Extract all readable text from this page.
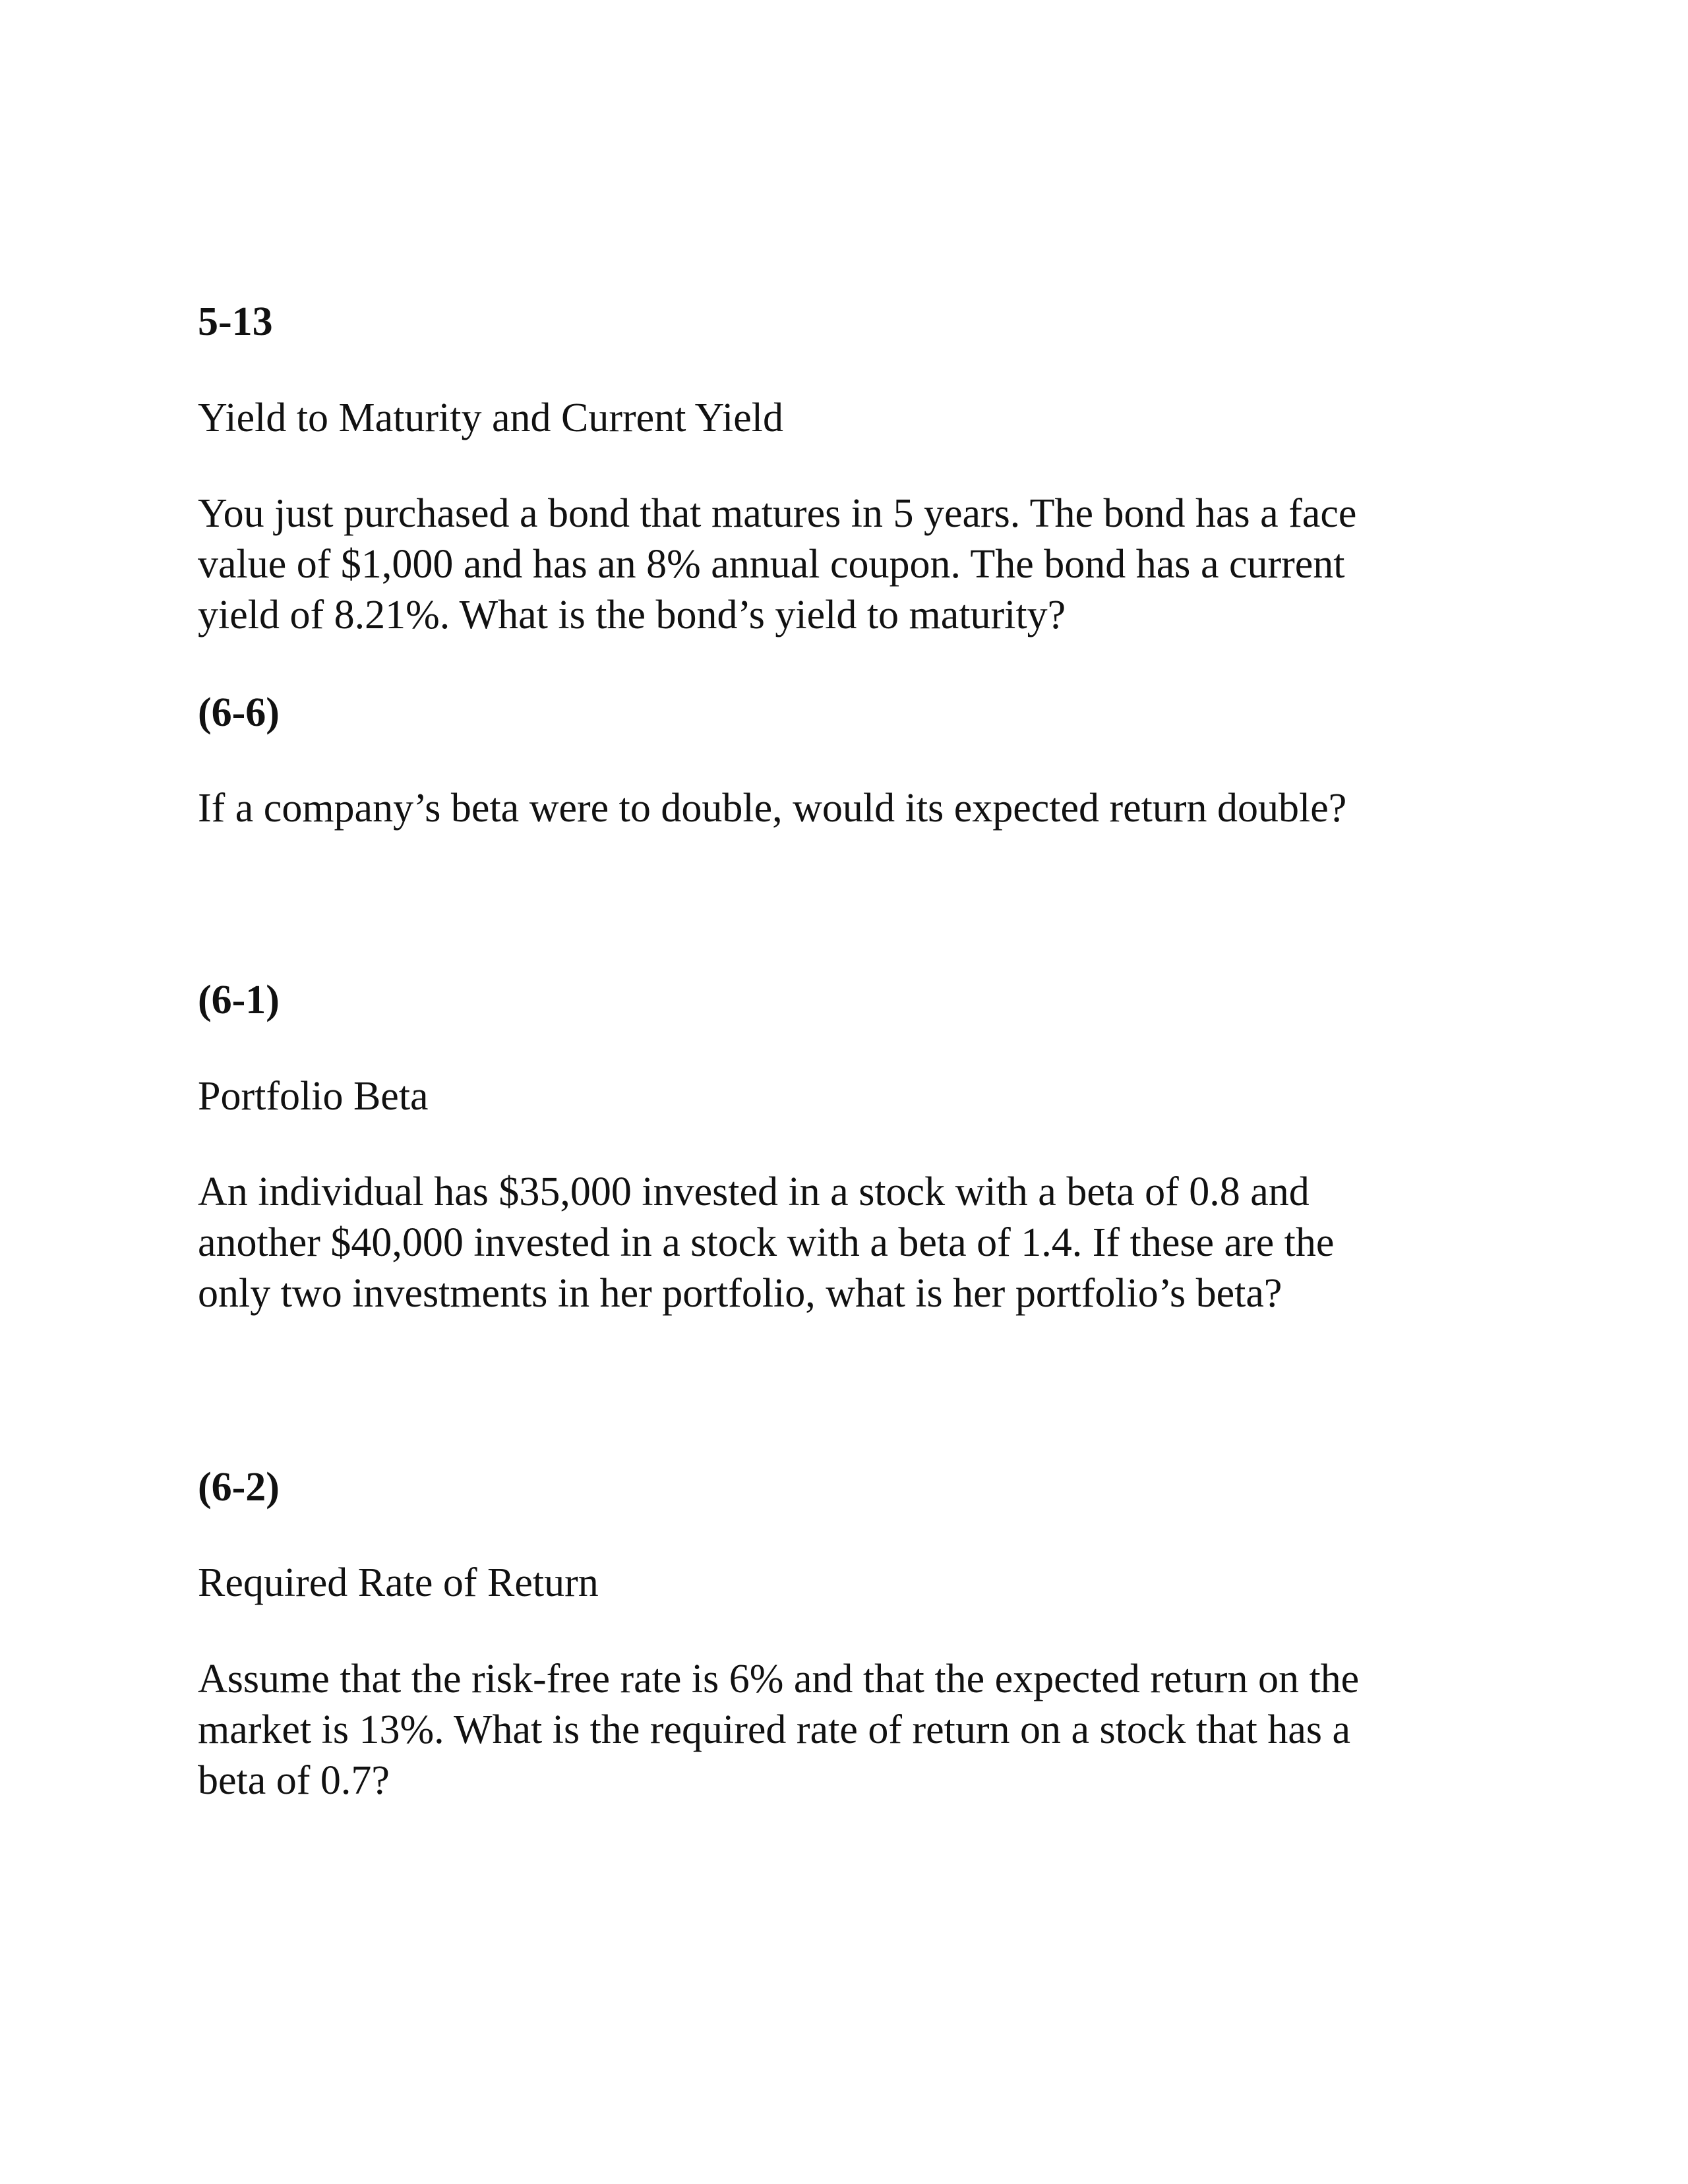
5-13

Yield to Maturity and Current Yield

You just purchased a bond that matures in 5 years. The bond has a face
value of $1,000 and has an 8% annual coupon. The bond has a current
yield of 8.21%. What is the bond’s yield to maturity?

(6-6)

If a company’s beta were to double, would its expected return double?

(6-1)

Portfolio Beta

An individual has $35,000 invested in a stock with a beta of 0.8 and
another $40,000 invested in a stock with a beta of 1.4. If these are the
only two investments in her portfolio, what is her portfolio’s beta?

(6-2)

Required Rate of Return

Assume that the risk-free rate is 6% and that the expected return on the
market is 13%. What is the required rate of return on a stock that has a
beta of 0.7?
